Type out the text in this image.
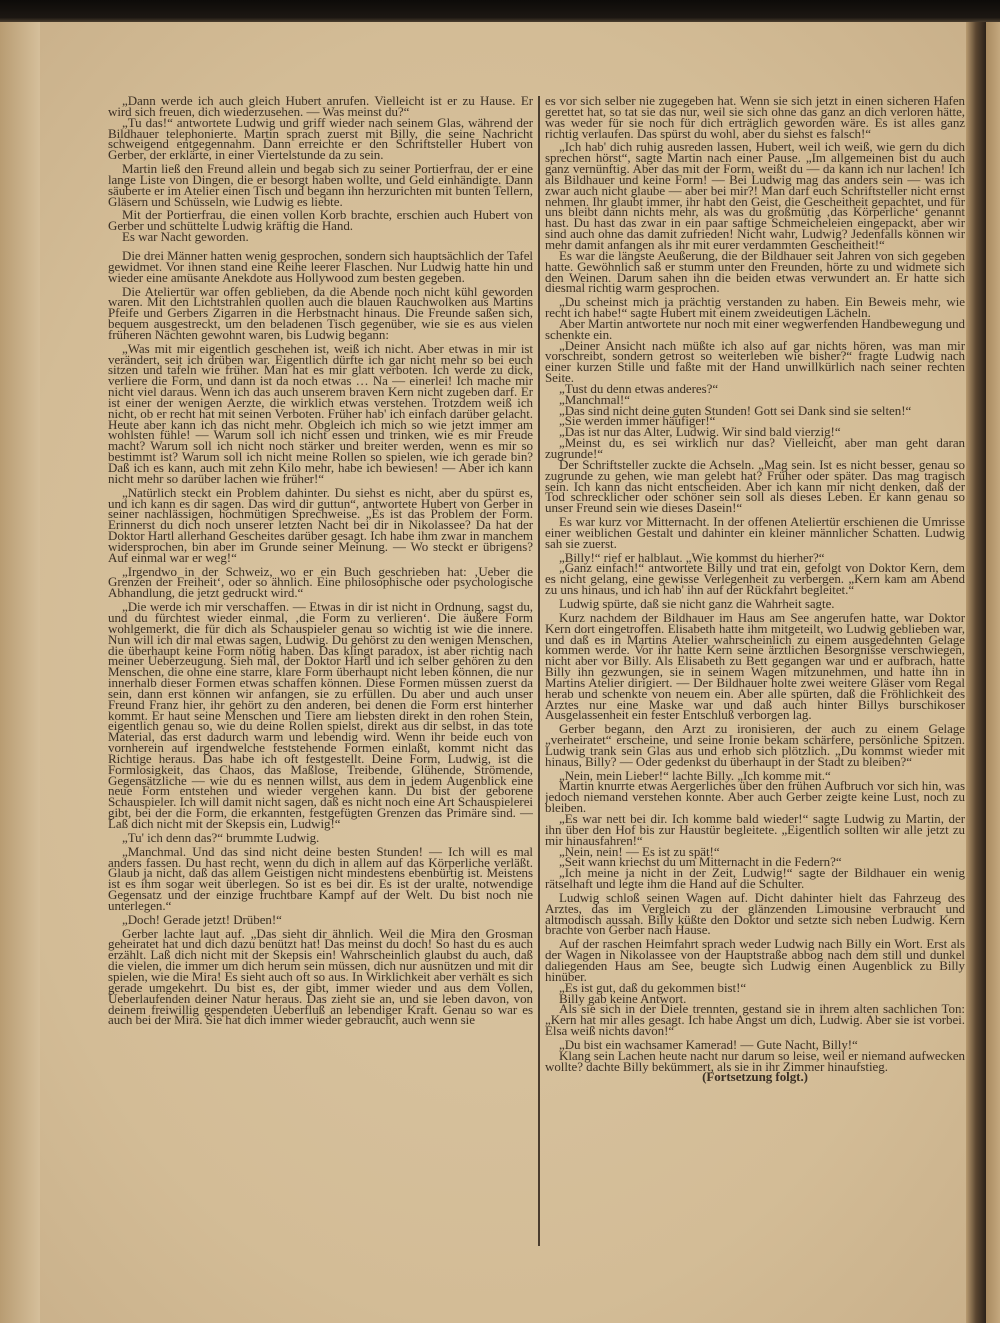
„Dann werde ich auch gleich Hubert anrufen. Vielleicht ist er zu Hause. Er wird sich freuen, dich wiederzusehen. — Was meinst du?“

„Tu das!“ antwortete Ludwig und griff wieder nach seinem Glas, während der Bildhauer telephonierte. Martin sprach zuerst mit Billy, die seine Nachricht schweigend entgegennahm. Dann erreichte er den Schriftsteller Hubert von Gerber, der erklärte, in einer Viertelstunde da zu sein.

Martin ließ den Freund allein und begab sich zu seiner Portierfrau, der er eine lange Liste von Dingen, die er besorgt haben wollte, und Geld einhändigte. Dann säuberte er im Atelier einen Tisch und begann ihn herzurichten mit bunten Tellern, Gläsern und Schüsseln, wie Ludwig es liebte.

Mit der Portierfrau, die einen vollen Korb brachte, erschien auch Hubert von Gerber und schüttelte Ludwig kräftig die Hand.

Es war Nacht geworden.

Die drei Männer hatten wenig gesprochen, sondern sich hauptsächlich der Tafel gewidmet. Vor ihnen stand eine Reihe leerer Flaschen. Nur Ludwig hatte hin und wieder eine amüsante Anekdote aus Hollywood zum besten gegeben.

Die Ateliertür war offen geblieben, da die Abende noch nicht kühl geworden waren. Mit den Lichtstrahlen quollen auch die blauen Rauchwolken aus Martins Pfeife und Gerbers Zigarren in die Herbstnacht hinaus. Die Freunde saßen sich, bequem ausgestreckt, um den beladenen Tisch gegenüber, wie sie es aus vielen früheren Nächten gewohnt waren, bis Ludwig begann:

„Was mit mir eigentlich geschehen ist, weiß ich nicht. Aber etwas in mir ist verändert, seit ich drüben war. Eigentlich dürfte ich gar nicht mehr so bei euch sitzen und tafeln wie früher. Man hat es mir glatt verboten. Ich werde zu dick, verliere die Form, und dann ist da noch etwas … Na — einerlei! Ich mache mir nicht viel daraus. Wenn ich das auch unserem braven Kern nicht zugeben darf. Er ist einer der wenigen Aerzte, die wirklich etwas verstehen. Trotzdem weiß ich nicht, ob er recht hat mit seinen Verboten. Früher hab' ich einfach darüber gelacht. Heute aber kann ich das nicht mehr. Obgleich ich mich so wie jetzt immer am wohlsten fühle! — Warum soll ich nicht essen und trinken, wie es mir Freude macht? Warum soll ich nicht noch stärker und breiter werden, wenn es mir so bestimmt ist? Warum soll ich nicht meine Rollen so spielen, wie ich gerade bin? Daß ich es kann, auch mit zehn Kilo mehr, habe ich bewiesen! — Aber ich kann nicht mehr so darüber lachen wie früher!“

„Natürlich steckt ein Problem dahinter. Du siehst es nicht, aber du spürst es, und ich kann es dir sagen. Das wird dir guttun“, antwortete Hubert von Gerber in seiner nachlässigen, hochmütigen Sprechweise. „Es ist das Problem der Form. Erinnerst du dich noch unserer letzten Nacht bei dir in Nikolassee? Da hat der Doktor Hartl allerhand Gescheites darüber gesagt. Ich habe ihm zwar in manchem widersprochen, bin aber im Grunde seiner Meinung. — Wo steckt er übrigens? Auf einmal war er weg!“

„Irgendwo in der Schweiz, wo er ein Buch geschrieben hat: ‚Ueber die Grenzen der Freiheit‘, oder so ähnlich. Eine philosophische oder psychologische Abhandlung, die jetzt gedruckt wird.“

„Die werde ich mir verschaffen. — Etwas in dir ist nicht in Ordnung, sagst du, und du fürchtest wieder einmal, ‚die Form zu verlieren‘. Die äußere Form wohlgemerkt, die für dich als Schauspieler genau so wichtig ist wie die innere. Nun will ich dir mal etwas sagen, Ludwig. Du gehörst zu den wenigen Menschen, die überhaupt keine Form nötig haben. Das klingt paradox, ist aber richtig nach meiner Ueberzeugung. Sieh mal, der Doktor Hartl und ich selber gehören zu den Menschen, die ohne eine starre, klare Form überhaupt nicht leben können, die nur innerhalb dieser Formen etwas schaffen können. Diese Formen müssen zuerst da sein, dann erst können wir anfangen, sie zu erfüllen. Du aber und auch unser Freund Franz hier, ihr gehört zu den anderen, bei denen die Form erst hinterher kommt. Er haut seine Menschen und Tiere am liebsten direkt in den rohen Stein, eigentlich genau so, wie du deine Rollen spielst, direkt aus dir selbst, in das tote Material, das erst dadurch warm und lebendig wird. Wenn ihr beide euch von vornherein auf irgendwelche feststehende Formen einlaßt, kommt nicht das Richtige heraus. Das habe ich oft festgestellt. Deine Form, Ludwig, ist die Formlosigkeit, das Chaos, das Maßlose, Treibende, Glühende, Strömende, Gegensätzliche — wie du es nennen willst, aus dem in jedem Augenblick eine neue Form entstehen und wieder vergehen kann. Du bist der geborene Schauspieler. Ich will damit nicht sagen, daß es nicht noch eine Art Schauspielerei gibt, bei der die Form, die erkannten, festgefügten Grenzen das Primäre sind. — Laß dich nicht mit der Skepsis ein, Ludwig!“

„Tu' ich denn das?“ brummte Ludwig.

„Manchmal. Und das sind nicht deine besten Stunden! — Ich will es mal anders fassen. Du hast recht, wenn du dich in allem auf das Körperliche verläßt. Glaub ja nicht, daß das allem Geistigen nicht mindestens ebenbürtig ist. Meistens ist es ihm sogar weit überlegen. So ist es bei dir. Es ist der uralte, notwendige Gegensatz und der einzige fruchtbare Kampf auf der Welt. Du bist noch nie unterlegen.“

„Doch! Gerade jetzt! Drüben!“

Gerber lachte laut auf. „Das sieht dir ähnlich. Weil die Mira den Grosman geheiratet hat und dich dazu benützt hat! Das meinst du doch! So hast du es auch erzählt. Laß dich nicht mit der Skepsis ein! Wahrscheinlich glaubst du auch, daß die vielen, die immer um dich herum sein müssen, dich nur ausnützen und mit dir spielen, wie die Mira! Es sieht auch oft so aus. In Wirklichkeit aber verhält es sich gerade umgekehrt. Du bist es, der gibt, immer wieder und aus dem Vollen, Ueberlaufenden deiner Natur heraus. Das zieht sie an, und sie leben davon, von deinem freiwillig gespendeten Ueberfluß an lebendiger Kraft. Genau so war es auch bei der Mira. Sie hat dich immer wieder gebraucht, auch wenn sie

es vor sich selber nie zugegeben hat. Wenn sie sich jetzt in einen sicheren Hafen gerettet hat, so tat sie das nur, weil sie sich ohne das ganz an dich verloren hätte, was weder für sie noch für dich erträglich geworden wäre. Es ist alles ganz richtig verlaufen. Das spürst du wohl, aber du siehst es falsch!“

„Ich hab' dich ruhig ausreden lassen, Hubert, weil ich weiß, wie gern du dich sprechen hörst“, sagte Martin nach einer Pause. „Im allgemeinen bist du auch ganz vernünftig. Aber das mit der Form, weißt du — da kann ich nur lachen! Ich als Bildhauer und keine Form! — Bei Ludwig mag das anders sein — was ich zwar auch nicht glaube — aber bei mir?! Man darf euch Schriftsteller nicht ernst nehmen. Ihr glaubt immer, ihr habt den Geist, die Gescheitheit gepachtet, und für uns bleibt dann nichts mehr, als was du großmütig ‚das Körperliche‘ genannt hast. Du hast das zwar in ein paar saftige Schmeicheleien eingepackt, aber wir sind auch ohne das damit zufrieden! Nicht wahr, Ludwig? Jedenfalls können wir mehr damit anfangen als ihr mit eurer verdammten Gescheitheit!“

Es war die längste Aeußerung, die der Bildhauer seit Jahren von sich gegeben hatte. Gewöhnlich saß er stumm unter den Freunden, hörte zu und widmete sich den Weinen. Darum sahen ihn die beiden etwas verwundert an. Er hatte sich diesmal richtig warm gesprochen.

„Du scheinst mich ja prächtig verstanden zu haben. Ein Beweis mehr, wie recht ich habe!“ sagte Hubert mit einem zweideutigen Lächeln.

Aber Martin antwortete nur noch mit einer wegwerfenden Handbewegung und schenkte ein.

„Deiner Ansicht nach müßte ich also auf gar nichts hören, was man mir vorschreibt, sondern getrost so weiterleben wie bisher?“ fragte Ludwig nach einer kurzen Stille und faßte mit der Hand unwillkürlich nach seiner rechten Seite.

„Tust du denn etwas anderes?“

„Manchmal!“

„Das sind nicht deine guten Stunden! Gott sei Dank sind sie selten!“

„Sie werden immer häufiger!“

„Das ist nur das Alter, Ludwig. Wir sind bald vierzig!“

„Meinst du, es sei wirklich nur das? Vielleicht, aber man geht daran zugrunde!“

Der Schriftsteller zuckte die Achseln. „Mag sein. Ist es nicht besser, genau so zugrunde zu gehen, wie man gelebt hat? Früher oder später. Das mag tragisch sein. Ich kann das nicht entscheiden. Aber ich kann mir nicht denken, daß der Tod schrecklicher oder schöner sein soll als dieses Leben. Er kann genau so unser Freund sein wie dieses Dasein!“

Es war kurz vor Mitternacht. In der offenen Ateliertür erschienen die Umrisse einer weiblichen Gestalt und dahinter ein kleiner männlicher Schatten. Ludwig sah sie zuerst.

„Billy!“ rief er halblaut. „Wie kommst du hierher?“

„Ganz einfach!“ antwortete Billy und trat ein, gefolgt von Doktor Kern, dem es nicht gelang, eine gewisse Verlegenheit zu verbergen. „Kern kam am Abend zu uns hinaus, und ich hab' ihn auf der Rückfahrt begleitet.“

Ludwig spürte, daß sie nicht ganz die Wahrheit sagte.

Kurz nachdem der Bildhauer im Haus am See angerufen hatte, war Doktor Kern dort eingetroffen. Elisabeth hatte ihm mitgeteilt, wo Ludwig geblieben war, und daß es in Martins Atelier wahrscheinlich zu einem ausgedehnten Gelage kommen werde. Vor ihr hatte Kern seine ärztlichen Besorgnisse verschwiegen, nicht aber vor Billy. Als Elisabeth zu Bett gegangen war und er aufbrach, hatte Billy ihn gezwungen, sie in seinem Wagen mitzunehmen, und hatte ihn in Martins Atelier dirigiert. — Der Bildhauer holte zwei weitere Gläser vom Regal herab und schenkte von neuem ein. Aber alle spürten, daß die Fröhlichkeit des Arztes nur eine Maske war und daß auch hinter Billys burschikoser Ausgelassenheit ein fester Entschluß verborgen lag.

Gerber begann, den Arzt zu ironisieren, der auch zu einem Gelage „verheiratet“ erscheine, und seine Ironie bekam schärfere, persönliche Spitzen. Ludwig trank sein Glas aus und erhob sich plötzlich. „Du kommst wieder mit hinaus, Billy? — Oder gedenkst du überhaupt in der Stadt zu bleiben?“

„Nein, mein Lieber!“ lachte Billy. „Ich komme mit.“

Martin knurrte etwas Aergerliches über den frühen Aufbruch vor sich hin, was jedoch niemand verstehen konnte. Aber auch Gerber zeigte keine Lust, noch zu bleiben.

„Es war nett bei dir. Ich komme bald wieder!“ sagte Ludwig zu Martin, der ihn über den Hof bis zur Haustür begleitete. „Eigentlich sollten wir alle jetzt zu mir hinausfahren!“

„Nein, nein! — Es ist zu spät!“

„Seit wann kriechst du um Mitternacht in die Federn?“

„Ich meine ja nicht in der Zeit, Ludwig!“ sagte der Bildhauer ein wenig rätselhaft und legte ihm die Hand auf die Schulter.

Ludwig schloß seinen Wagen auf. Dicht dahinter hielt das Fahrzeug des Arztes, das im Vergleich zu der glänzenden Limousine verbraucht und altmodisch aussah. Billy küßte den Doktor und setzte sich neben Ludwig. Kern brachte von Gerber nach Hause.

Auf der raschen Heimfahrt sprach weder Ludwig nach Billy ein Wort. Erst als der Wagen in Nikolassee von der Hauptstraße abbog nach dem still und dunkel daliegenden Haus am See, beugte sich Ludwig einen Augenblick zu Billy hinüber.

„Es ist gut, daß du gekommen bist!“

Billy gab keine Antwort.

Als sie sich in der Diele trennten, gestand sie in ihrem alten sachlichen Ton: „Kern hat mir alles gesagt. Ich habe Angst um dich, Ludwig. Aber sie ist vorbei. Elsa weiß nichts davon!“

„Du bist ein wachsamer Kamerad! — Gute Nacht, Billy!“

Klang sein Lachen heute nacht nur darum so leise, weil er niemand aufwecken wollte? dachte Billy bekümmert, als sie in ihr Zimmer hinaufstieg.

(Fortsetzung folgt.)
